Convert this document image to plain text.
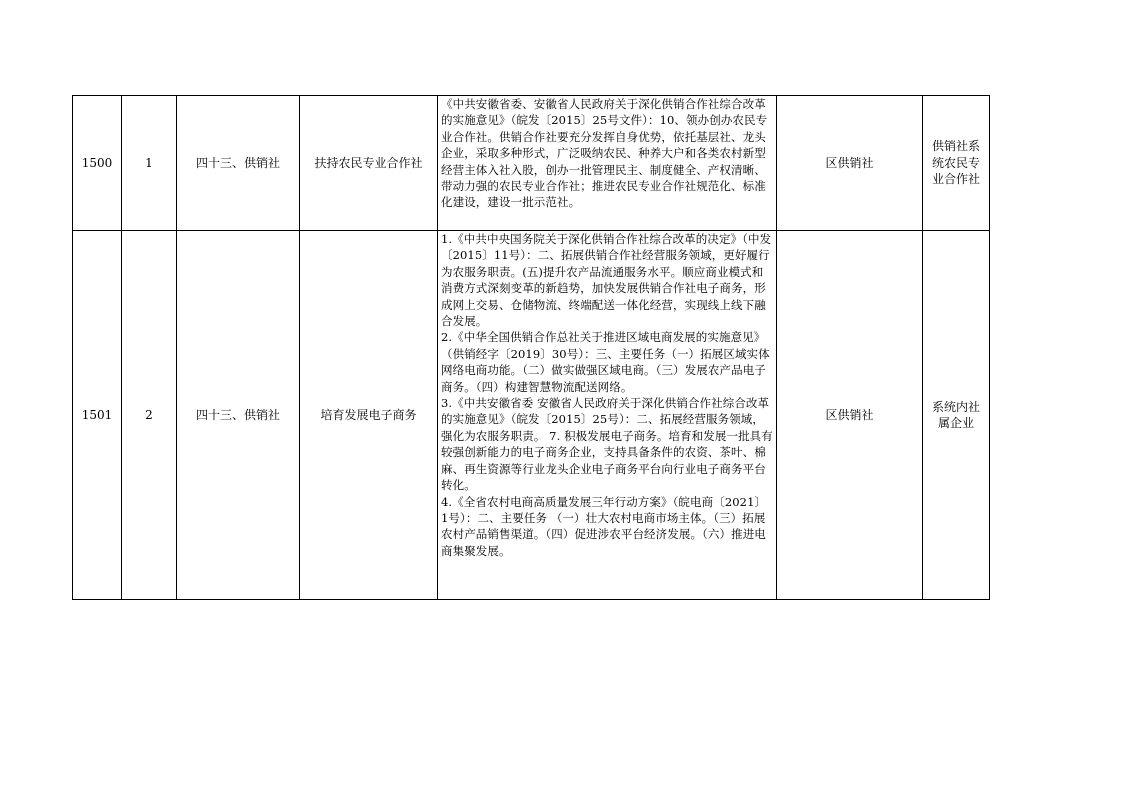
1500	1	四十三、供销社	扶持农民专业合作社	《中共安徽省委、安徽省人民政府关于深化供销合作社综合改革的实施意见》（皖发〔2015〕25号文件）：10、领办创办农民专业合作社。供销合作社要充分发挥自身优势，依托基层社、龙头企业，采取多种形式，广泛吸纳农民、种养大户和各类农村新型经营主体入社入股，创办一批管理民主、制度健全、产权清晰、带动力强的农民专业合作社；推进农民专业合作社规范化、标准化建设，建设一批示范社。	区供销社	供销社系统农民专业合作社
1501	2	四十三、供销社	培育发展电子商务	1.《中共中央国务院关于深化供销合作社综合改革的决定》（中发〔2015〕11号）：二、拓展供销合作社经营服务领域，更好履行为农服务职责。(五)提升农产品流通服务水平。顺应商业模式和消费方式深刻变革的新趋势，加快发展供销合作社电子商务，形成网上交易、仓储物流、终端配送一体化经营，实现线上线下融合发展。

2.《中华全国供销合作总社关于推进区域电商发展的实施意见》（供销经字〔2019〕30号）：三、主要任务（一）拓展区域实体网络电商功能。（二）做实做强区域电商。（三）发展农产品电子商务。（四）构建智慧物流配送网络。

3.《中共安徽省委 安徽省人民政府关于深化供销合作社综合改革的实施意见》（皖发〔2015〕25号）：二、拓展经营服务领域，强化为农服务职责。 7. 积极发展电子商务。培育和发展一批具有较强创新能力的电子商务企业，支持具备条件的农资、茶叶、棉麻、再生资源等行业龙头企业电子商务平台向行业电子商务平台转化。

4.《全省农村电商高质量发展三年行动方案》（皖电商〔2021〕1号）：二、主要任务 （一）壮大农村电商市场主体。（三）拓展农村产品销售渠道。（四）促进涉农平台经济发展。（六）推进电商集聚发展。	区供销社	系统内社属企业
